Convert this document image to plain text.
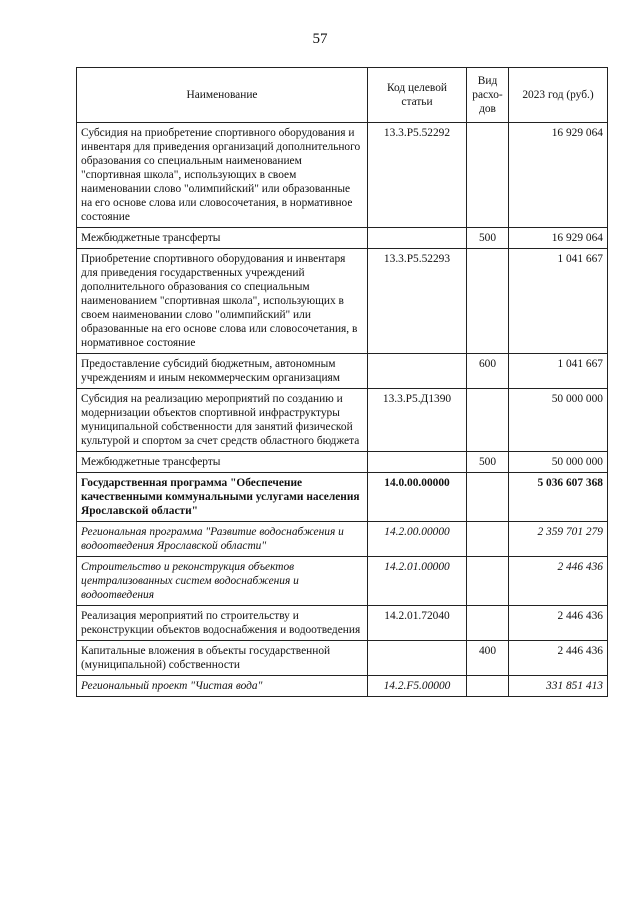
57
Наименование	Код целевой статьи	Вид расхо-дов	2023 год (руб.)
Субсидия на приобретение спортивного оборудования и инвентаря для приведения организаций дополнительного образования со специальным наименованием "спортивная школа", использующих в своем наименовании слово "олимпийский" или образованные на его основе слова или словосочетания, в нормативное состояние	13.3.P5.52292		16 929 064
Межбюджетные трансферты		500	16 929 064
Приобретение спортивного оборудования и инвентаря для приведения государственных учреждений дополнительного образования со специальным наименованием "спортивная школа", использующих в своем наименовании слово "олимпийский" или образованные на его основе слова или словосочетания, в нормативное состояние	13.3.P5.52293		1 041 667
Предоставление субсидий бюджетным, автономным учреждениям и иным некоммерческим организациям		600	1 041 667
Субсидия на реализацию мероприятий по созданию и модернизации объектов спортивной инфраструктуры муниципальной собственности для занятий физической культурой и спортом за счет средств областного бюджета	13.3.P5.Д1390		50 000 000
Межбюджетные трансферты		500	50 000 000
Государственная программа "Обеспечение качественными коммунальными услугами населения Ярославской области"	14.0.00.00000		5 036 607 368
Региональная программа "Развитие водоснабжения и водоотведения Ярославской области"	14.2.00.00000		2 359 701 279
Строительство и реконструкция объектов централизованных систем водоснабжения и водоотведения	14.2.01.00000		2 446 436
Реализация мероприятий по строительству и реконструкции объектов водоснабжения и водоотведения	14.2.01.72040		2 446 436
Капитальные вложения в объекты государственной (муниципальной) собственности		400	2 446 436
Региональный проект "Чистая вода"	14.2.F5.00000		331 851 413
